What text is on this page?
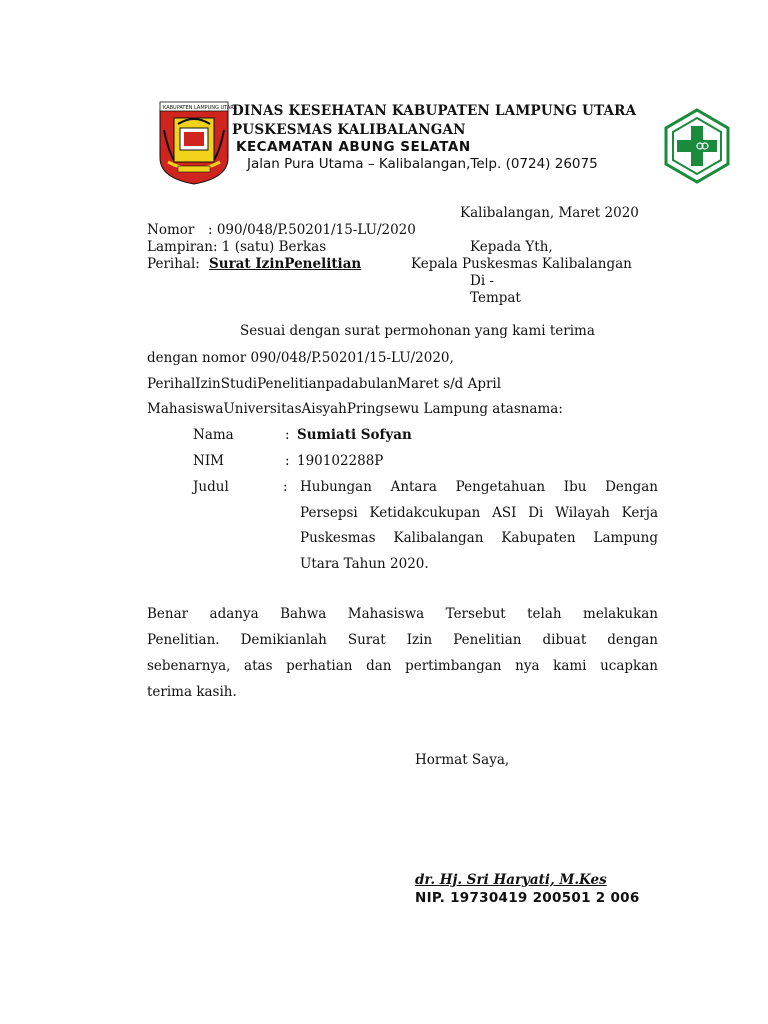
KABUPATEN LAMPUNG UTARA
DINAS KESEHATAN KABUPATEN LAMPUNG UTARA
PUSKESMAS KALIBALANGAN
KECAMATAN ABUNG SELATAN
Jalan Pura Utama – Kalibalangan,Telp. (0724) 26075
Kalibalangan, Maret 2020
Nomor : 090/048/P.50201/15-LU/2020
Lampiran: 1 (satu) Berkas	Kepada Yth,
Perihal: Surat IzinPenelitian	Kepala Puskesmas Kalibalangan
Di -
Tempat
Sesuai dengan surat permohonan yang kami terima
dengan nomor 090/048/P.50201/15-LU/2020,
PerihalIzinStudiPenelitianpadabulanMaret s/d April
MahasiswaUniversitasAisyahPringsewu Lampung atasnama:
Nama	: Sumiati Sofyan
NIM	: 190102288P
Judul	: Hubungan Antara Pengetahuan Ibu Dengan
Persepsi Ketidakcukupan ASI Di Wilayah Kerja
Puskesmas Kalibalangan Kabupaten Lampung
Utara Tahun 2020.
Benar adanya Bahwa Mahasiswa Tersebut telah melakukan
Penelitian. Demikianlah Surat Izin Penelitian dibuat dengan
sebenarnya, atas perhatian dan pertimbangan nya kami ucapkan
terima kasih.
Hormat Saya,
dr. Hj. Sri Haryati, M.Kes
NIP. 19730419 200501 2 006
